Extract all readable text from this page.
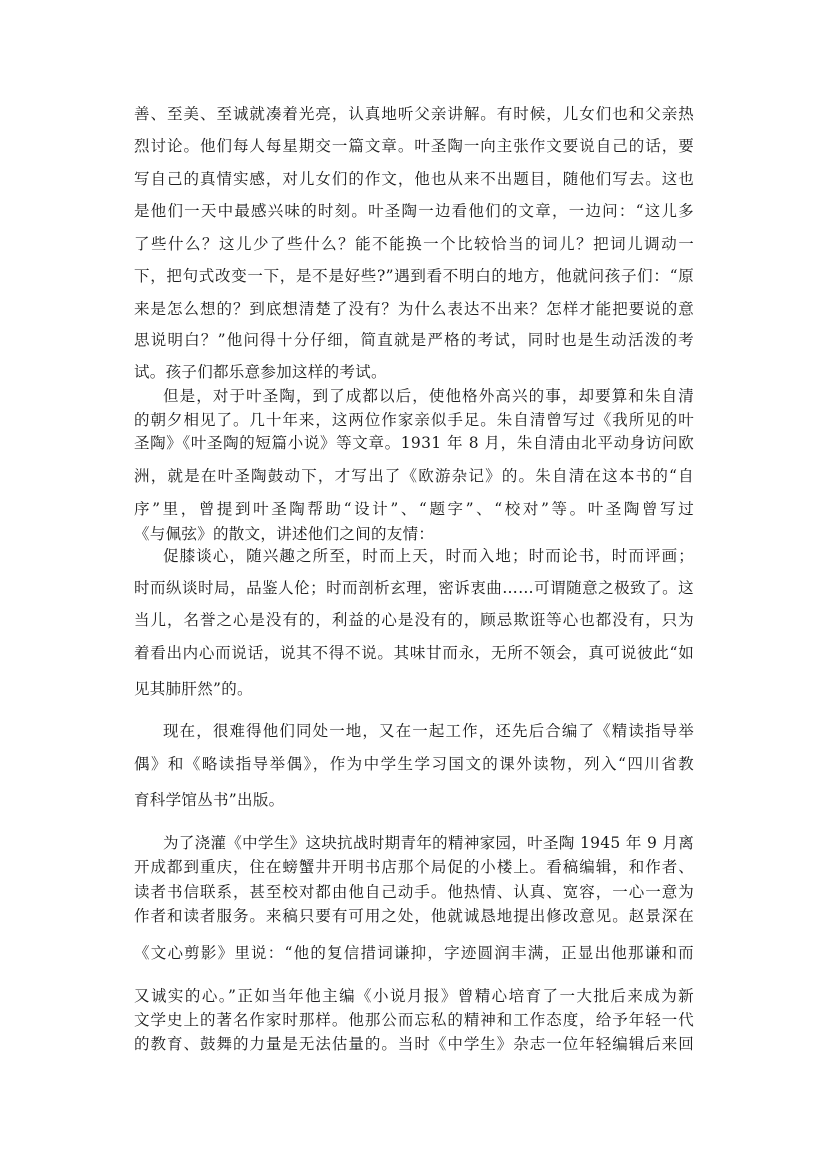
善、至美、至诚就凑着光亮，认真地听父亲讲解。有时候，儿女们也和父亲热
烈讨论。他们每人每星期交一篇文章。叶圣陶一向主张作文要说自己的话，要
写自己的真情实感，对儿女们的作文，他也从来不出题目，随他们写去。这也
是他们一天中最感兴味的时刻。叶圣陶一边看他们的文章，一边问：“这儿多
了些什么？这儿少了些什么？能不能换一个比较恰当的词儿？把词儿调动一
下，把句式改变一下，是不是好些?”遇到看不明白的地方，他就问孩子们：“原
来是怎么想的？到底想清楚了没有？为什么表达不出来？怎样才能把要说的意
思说明白？”他问得十分仔细，简直就是严格的考试，同时也是生动活泼的考
试。孩子们都乐意参加这样的考试。
但是，对于叶圣陶，到了成都以后，使他格外高兴的事，却要算和朱自清
的朝夕相见了。几十年来，这两位作家亲似手足。朱自清曾写过《我所见的叶
圣陶》《叶圣陶的短篇小说》等文章。1931 年 8 月，朱自清由北平动身访问欧
洲，就是在叶圣陶鼓动下，才写出了《欧游杂记》的。朱自清在这本书的“自
序”里，曾提到叶圣陶帮助“设计”、“题字”、“校对”等。叶圣陶曾写过
《与佩弦》的散文，讲述他们之间的友情：
促膝谈心，随兴趣之所至，时而上天，时而入地；时而论书，时而评画；
时而纵谈时局，品鉴人伦；时而剖析玄理，密诉衷曲……可谓随意之极致了。这
当儿，名誉之心是没有的，利益的心是没有的，顾忌欺诳等心也都没有，只为
着看出内心而说话，说其不得不说。其味甘而永，无所不领会，真可说彼此“如
见其肺肝然”的。
现在，很难得他们同处一地，又在一起工作，还先后合编了《精读指导举
偶》和《略读指导举偶》，作为中学生学习国文的课外读物，列入“四川省教
育科学馆丛书”出版。
为了浇灌《中学生》这块抗战时期青年的精神家园，叶圣陶 1945 年 9 月离
开成都到重庆，住在螃蟹井开明书店那个局促的小楼上。看稿编辑，和作者、
读者书信联系，甚至校对都由他自己动手。他热情、认真、宽容，一心一意为
作者和读者服务。来稿只要有可用之处，他就诚恳地提出修改意见。赵景深在
《文心剪影》里说：“他的复信措词谦抑，字迹圆润丰满，正显出他那谦和而
又诚实的心。”正如当年他主编《小说月报》曾精心培育了一大批后来成为新
文学史上的著名作家时那样。他那公而忘私的精神和工作态度，给予年轻一代
的教育、鼓舞的力量是无法估量的。当时《中学生》杂志一位年轻编辑后来回
